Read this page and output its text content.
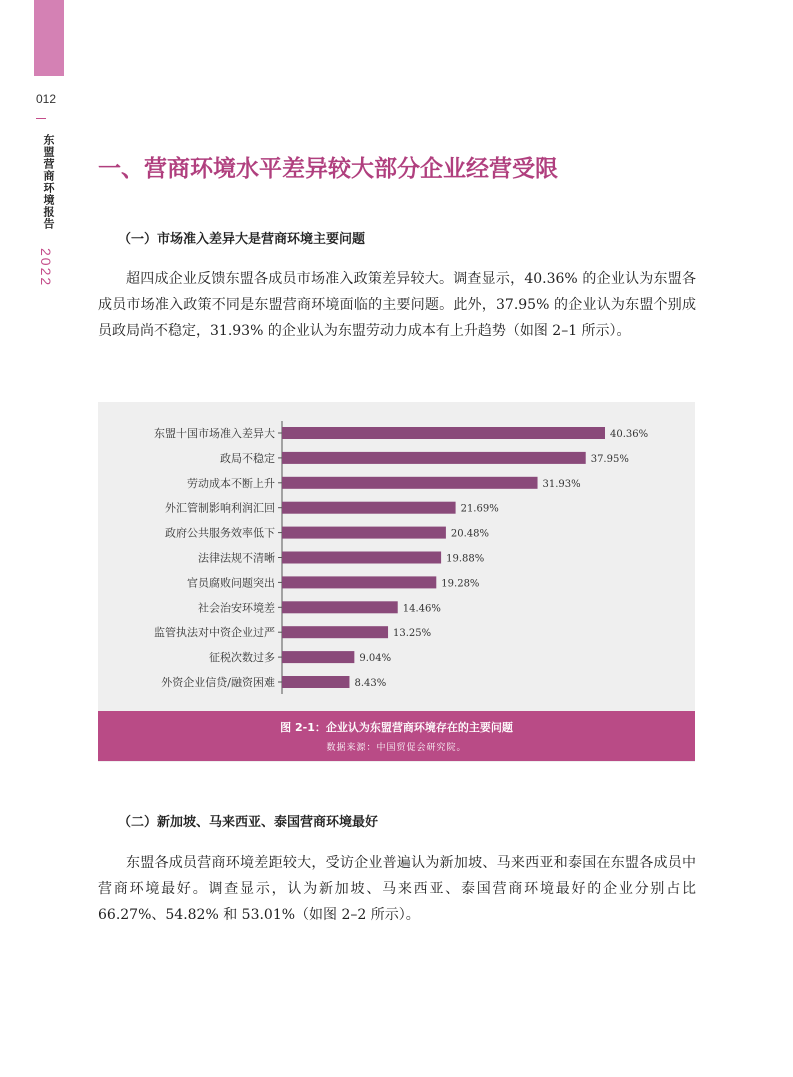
012
东盟营商环境报告
2022
一、营商环境水平差异较大部分企业经营受限
（一）市场准入差异大是营商环境主要问题

超四成企业反馈东盟各成员市场准入政策差异较大。调查显示，40.36% 的企业认为东盟各成员市场准入政策不同是东盟营商环境面临的主要问题。此外，37.95% 的企业认为东盟个别成员政局尚不稳定，31.93% 的企业认为东盟劳动力成本有上升趋势（如图 2–1 所示）。

东盟十国市场准入差异大	40.36%
政局不稳定	37.95%
劳动成本不断上升	31.93%
外汇管制影响利润汇回	21.69%
政府公共服务效率低下	20.48%
法律法规不清晰	19.88%
官员腐败问题突出	19.28%
社会治安环境差	14.46%
监管执法对中资企业过严	13.25%
征税次数过多	9.04%
外资企业信贷/融资困难	8.43%
图 2-1：企业认为东盟营商环境存在的主要问题
数据来源：中国贸促会研究院。
（二）新加坡、马来西亚、泰国营商环境最好

东盟各成员营商环境差距较大，受访企业普遍认为新加坡、马来西亚和泰国在东盟各成员中营商环境最好。调查显示，认为新加坡、马来西亚、泰国营商环境最好的企业分别占比 66.27%、54.82% 和 53.01%（如图 2–2 所示）。
